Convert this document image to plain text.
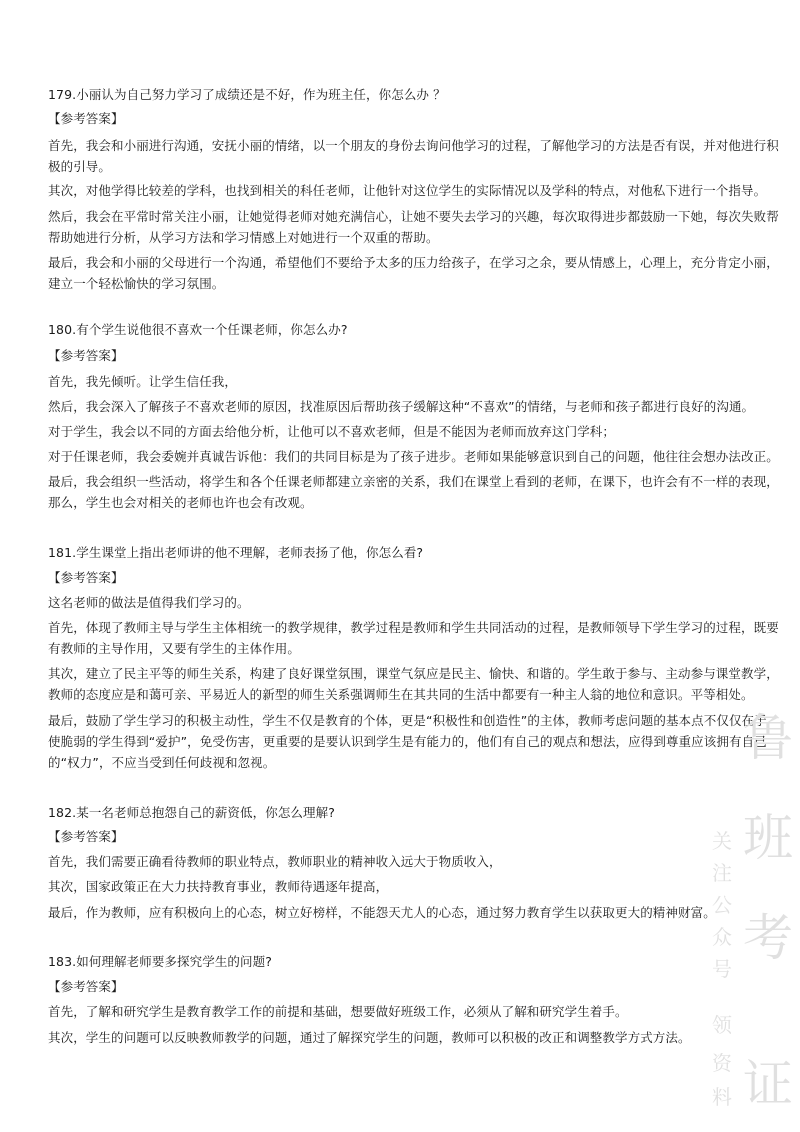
179.小丽认为自己努力学习了成绩还是不好，作为班主任，你怎么办 ？
【参考答案】
首先，我会和小丽进行沟通，安抚小丽的情绪，以一个朋友的身份去询问他学习的过程，了解他学习的方法是否有误，并对他进行积
极的引导。
其次，对他学得比较差的学科，也找到相关的科任老师，让他针对这位学生的实际情况以及学科的特点，对他私下进行一个指导。
然后，我会在平常时常关注小丽，让她觉得老师对她充满信心，让她不要失去学习的兴趣，每次取得进步都鼓励一下她，每次失败帮
帮助她进行分析，从学习方法和学习情感上对她进行一个双重的帮助。
最后，我会和小丽的父母进行一个沟通，希望他们不要给予太多的压力给孩子，在学习之余，要从情感上，心理上，充分肯定小丽，
建立一个轻松愉快的学习氛围。
180.有个学生说他很不喜欢一个任课老师，你怎么办?
【参考答案】
首先，我先倾听。让学生信任我，
然后，我会深入了解孩子不喜欢老师的原因，找准原因后帮助孩子缓解这种“不喜欢”的情绪，与老师和孩子都进行良好的沟通。
对于学生，我会以不同的方面去给他分析，让他可以不喜欢老师，但是不能因为老师而放弃这门学科；
对于任课老师，我会委婉并真诚告诉他：我们的共同目标是为了孩子进步。老师如果能够意识到自己的问题，他往往会想办法改正。
最后，我会组织一些活动，将学生和各个任课老师都建立亲密的关系，我们在课堂上看到的老师，在课下，也许会有不一样的表现，
那么，学生也会对相关的老师也许也会有改观。
181.学生课堂上指出老师讲的他不理解，老师表扬了他，你怎么看?
【参考答案】
这名老师的做法是值得我们学习的。
首先，体现了教师主导与学生主体相统一的教学规律，教学过程是教师和学生共同活动的过程，是教师领导下学生学习的过程，既要
有教师的主导作用，又要有学生的主体作用。
其次，建立了民主平等的师生关系，构建了良好课堂氛围，课堂气氛应是民主、愉快、和谐的。学生敢于参与、主动参与课堂教学，
教师的态度应是和蔼可亲、平易近人的新型的师生关系强调师生在其共同的生活中都要有一种主人翁的地位和意识。平等相处。
最后，鼓励了学生学习的积极主动性，学生不仅是教育的个体，更是“积极性和创造性”的主体，教师考虑问题的基本点不仅仅在于
使脆弱的学生得到“爱护”，免受伤害，更重要的是要认识到学生是有能力的，他们有自己的观点和想法，应得到尊重应该拥有自己
的“权力”，不应当受到任何歧视和忽视。
182.某一名老师总抱怨自己的薪资低，你怎么理解?
【参考答案】
首先，我们需要正确看待教师的职业特点，教师职业的精神收入远大于物质收入，
其次，国家政策正在大力扶持教育事业，教师待遇逐年提高，
最后，作为教师，应有积极向上的心态，树立好榜样，不能怨天尤人的心态，通过努力教育学生以获取更大的精神财富。
183.如何理解老师要多探究学生的问题?
【参考答案】
首先，了解和研究学生是教育教学工作的前提和基础，想要做好班级工作，必须从了解和研究学生着手。
其次，学生的问题可以反映教师教学的问题，通过了解探究学生的问题，教师可以积极的改正和调整教学方式方法。
鲁
班
考
证
关
注
公
众
号
领
资
料
